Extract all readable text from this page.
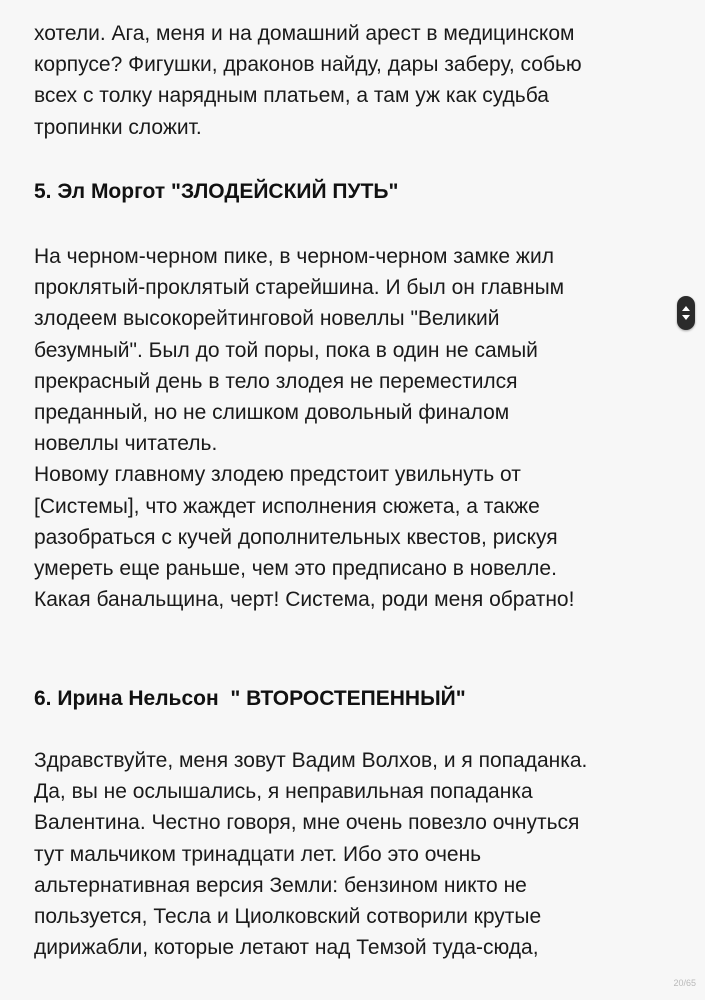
хотели. Ага, меня и на домашний арест в медицинском
корпусе? Фигушки, драконов найду, дары заберу, собью
всех с толку нарядным платьем, а там уж как судьба
тропинки сложит.
5. Эл Моргот "ЗЛОДЕЙСКИЙ ПУТЬ"
На черном-черном пике, в черном-черном замке жил
проклятый-проклятый старейшина. И был он главным
злодеем высокорейтинговой новеллы "Великий
безумный". Был до той поры, пока в один не самый
прекрасный день в тело злодея не переместился
преданный, но не слишком довольный финалом
новеллы читатель.
Новому главному злодею предстоит увильнуть от
[Системы], что жаждет исполнения сюжета, а также
разобраться с кучей дополнительных квестов, рискуя
умереть еще раньше, чем это предписано в новелле.
Какая банальщина, черт! Система, роди меня обратно!
6. Ирина Нельсон  " ВТОРОСТЕПЕННЫЙ"
Здравствуйте, меня зовут Вадим Волхов, и я попаданка.
Да, вы не ослышались, я неправильная попаданка
Валентина. Честно говоря, мне очень повезло очнуться
тут мальчиком тринадцати лет. Ибо это очень
альтернативная версия Земли: бензином никто не
пользуется, Тесла и Циолковский сотворили крутые
дирижабли, которые летают над Темзой туда-сюда,
20/65
